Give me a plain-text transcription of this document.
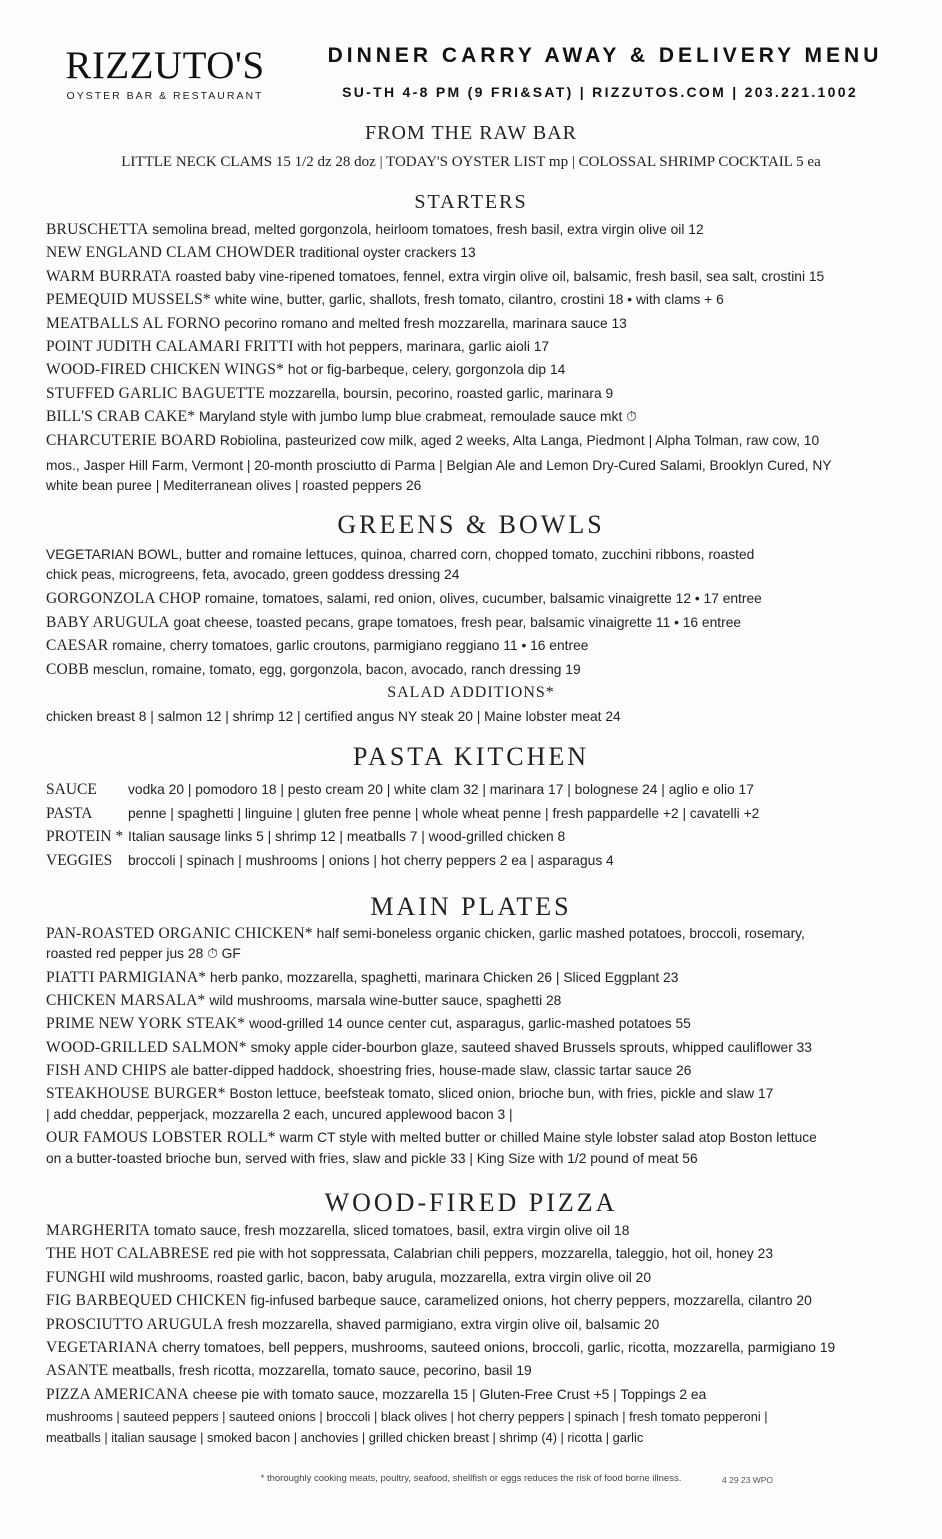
RIZZUTO'S
OYSTER BAR & RESTAURANT
DINNER CARRY AWAY & DELIVERY MENU
SU-TH 4-8 PM (9 FRI&SAT) | RIZZUTOS.COM | 203.221.1002
FROM THE RAW BAR
LITTLE NECK CLAMS 15 1/2 dz 28 doz | TODAY'S OYSTER LIST mp | COLOSSAL SHRIMP COCKTAIL 5 ea
STARTERS
BRUSCHETTA semolina bread, melted gorgonzola, heirloom tomatoes, fresh basil, extra virgin olive oil 12
NEW ENGLAND CLAM CHOWDER traditional oyster crackers 13
WARM BURRATA roasted baby vine-ripened tomatoes, fennel, extra virgin olive oil, balsamic, fresh basil, sea salt, crostini 15
PEMEQUID MUSSELS* white wine, butter, garlic, shallots, fresh tomato, cilantro, crostini 18 • with clams + 6
MEATBALLS AL FORNO pecorino romano and melted fresh mozzarella, marinara sauce 13
POINT JUDITH CALAMARI FRITTI with hot peppers, marinara, garlic aioli 17
WOOD-FIRED CHICKEN WINGS* hot or fig-barbeque, celery, gorgonzola dip 14
STUFFED GARLIC BAGUETTE mozzarella, boursin, pecorino, roasted garlic, marinara 9
BILL'S CRAB CAKE* Maryland style with jumbo lump blue crabmeat, remoulade sauce mkt ⏱
CHARCUTERIE BOARD Robiolina, pasteurized cow milk, aged 2 weeks, Alta Langa, Piedmont | Alpha Tolman, raw cow, 10
mos., Jasper Hill Farm, Vermont | 20-month prosciutto di Parma | Belgian Ale and Lemon Dry-Cured Salami, Brooklyn Cured, NY
white bean puree | Mediterranean olives | roasted peppers 26
GREENS & BOWLS
VEGETARIAN BOWL, butter and romaine lettuces, quinoa, charred corn, chopped tomato, zucchini ribbons, roasted
chick peas, microgreens, feta, avocado, green goddess dressing 24
GORGONZOLA CHOP romaine, tomatoes, salami, red onion, olives, cucumber, balsamic vinaigrette 12 • 17 entree
BABY ARUGULA goat cheese, toasted pecans, grape tomatoes, fresh pear, balsamic vinaigrette 11 • 16 entree
CAESAR romaine, cherry tomatoes, garlic croutons, parmigiano reggiano 11 • 16 entree
COBB mesclun, romaine, tomato, egg, gorgonzola, bacon, avocado, ranch dressing 19
SALAD ADDITIONS*
chicken breast 8 | salmon 12 | shrimp 12 | certified angus NY steak 20 | Maine lobster meat 24
PASTA KITCHEN
SAUCE vodka 20 | pomodoro 18 | pesto cream 20 | white clam 32 | marinara 17 | bolognese 24 | aglio e olio 17
PASTA	penne | spaghetti | linguine | gluten free penne | whole wheat penne | fresh pappardelle +2 | cavatelli +2
PROTEIN * Italian sausage links 5 | shrimp 12 | meatballs 7 | wood-grilled chicken 8
VEGGIES broccoli | spinach | mushrooms | onions | hot cherry peppers 2 ea | asparagus 4
MAIN PLATES
PAN-ROASTED ORGANIC CHICKEN* half semi-boneless organic chicken, garlic mashed potatoes, broccoli, rosemary,
roasted red pepper jus 28 ⏱ GF
PIATTI PARMIGIANA* herb panko, mozzarella, spaghetti, marinara Chicken 26 | Sliced Eggplant 23
CHICKEN MARSALA* wild mushrooms, marsala wine-butter sauce, spaghetti 28
PRIME NEW YORK STEAK* wood-grilled 14 ounce center cut, asparagus, garlic-mashed potatoes 55
WOOD-GRILLED SALMON* smoky apple cider-bourbon glaze, sauteed shaved Brussels sprouts, whipped cauliflower 33
FISH AND CHIPS ale batter-dipped haddock, shoestring fries, house-made slaw, classic tartar sauce 26
STEAKHOUSE BURGER* Boston lettuce, beefsteak tomato, sliced onion, brioche bun, with fries, pickle and slaw 17
| add cheddar, pepperjack, mozzarella 2 each, uncured applewood bacon 3 |
OUR FAMOUS LOBSTER ROLL* warm CT style with melted butter or chilled Maine style lobster salad atop Boston lettuce
on a butter-toasted brioche bun, served with fries, slaw and pickle 33 | King Size with 1/2 pound of meat 56
WOOD-FIRED PIZZA
MARGHERITA tomato sauce, fresh mozzarella, sliced tomatoes, basil, extra virgin olive oil 18
THE HOT CALABRESE red pie with hot soppressata, Calabrian chili peppers, mozzarella, taleggio, hot oil, honey 23
FUNGHI wild mushrooms, roasted garlic, bacon, baby arugula, mozzarella, extra virgin olive oil 20
FIG BARBEQUED CHICKEN fig-infused barbeque sauce, caramelized onions, hot cherry peppers, mozzarella, cilantro 20
PROSCIUTTO ARUGULA fresh mozzarella, shaved parmigiano, extra virgin olive oil, balsamic 20
VEGETARIANA cherry tomatoes, bell peppers, mushrooms, sauteed onions, broccoli, garlic, ricotta, mozzarella, parmigiano 19
ASANTE meatballs, fresh ricotta, mozzarella, tomato sauce, pecorino, basil 19
PIZZA AMERICANA cheese pie with tomato sauce, mozzarella 15 | Gluten-Free Crust +5 | Toppings 2 ea
mushrooms | sauteed peppers | sauteed onions | broccoli | black olives | hot cherry peppers | spinach | fresh tomato pepperoni |
meatballs | italian sausage | smoked bacon | anchovies | grilled chicken breast | shrimp (4) | ricotta | garlic
* thoroughly cooking meats, poultry, seafood, shellfish or eggs reduces the risk of food borne illness.	4 29 23 WPO
